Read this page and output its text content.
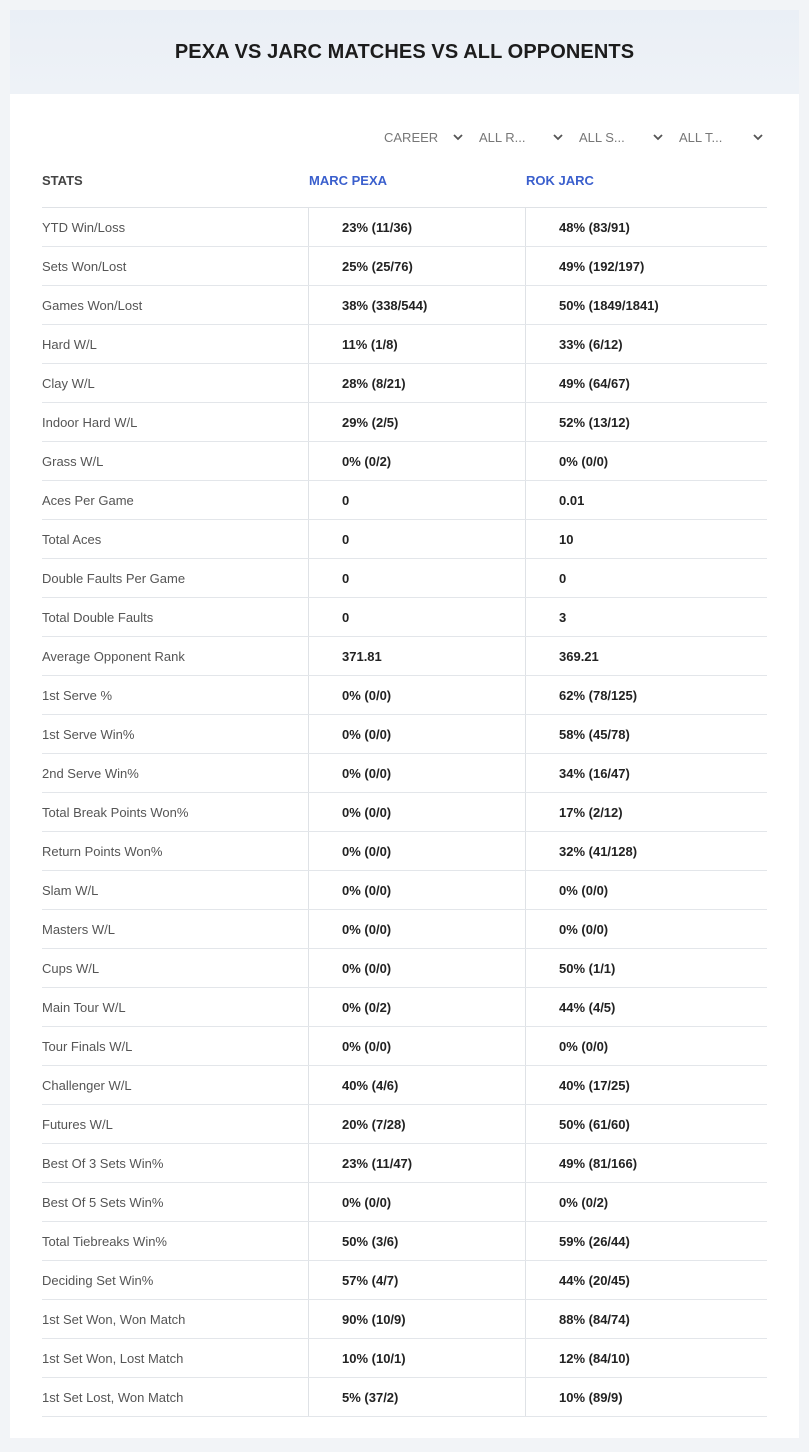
PEXA VS JARC MATCHES VS ALL OPPONENTS
CAREER	ALL R...	ALL S...	ALL T...
STATS	MARC PEXA	ROK JARC
YTD Win/Loss	23% (11/36)	48% (83/91)
Sets Won/Lost	25% (25/76)	49% (192/197)
Games Won/Lost	38% (338/544)	50% (1849/1841)
Hard W/L	11% (1/8)	33% (6/12)
Clay W/L	28% (8/21)	49% (64/67)
Indoor Hard W/L	29% (2/5)	52% (13/12)
Grass W/L	0% (0/2)	0% (0/0)
Aces Per Game	0	0.01
Total Aces	0	10
Double Faults Per Game	0	0
Total Double Faults	0	3
Average Opponent Rank	371.81	369.21
1st Serve %	0% (0/0)	62% (78/125)
1st Serve Win%	0% (0/0)	58% (45/78)
2nd Serve Win%	0% (0/0)	34% (16/47)
Total Break Points Won%	0% (0/0)	17% (2/12)
Return Points Won%	0% (0/0)	32% (41/128)
Slam W/L	0% (0/0)	0% (0/0)
Masters W/L	0% (0/0)	0% (0/0)
Cups W/L	0% (0/0)	50% (1/1)
Main Tour W/L	0% (0/2)	44% (4/5)
Tour Finals W/L	0% (0/0)	0% (0/0)
Challenger W/L	40% (4/6)	40% (17/25)
Futures W/L	20% (7/28)	50% (61/60)
Best Of 3 Sets Win%	23% (11/47)	49% (81/166)
Best Of 5 Sets Win%	0% (0/0)	0% (0/2)
Total Tiebreaks Win%	50% (3/6)	59% (26/44)
Deciding Set Win%	57% (4/7)	44% (20/45)
1st Set Won, Won Match	90% (10/9)	88% (84/74)
1st Set Won, Lost Match	10% (10/1)	12% (84/10)
1st Set Lost, Won Match	5% (37/2)	10% (89/9)
